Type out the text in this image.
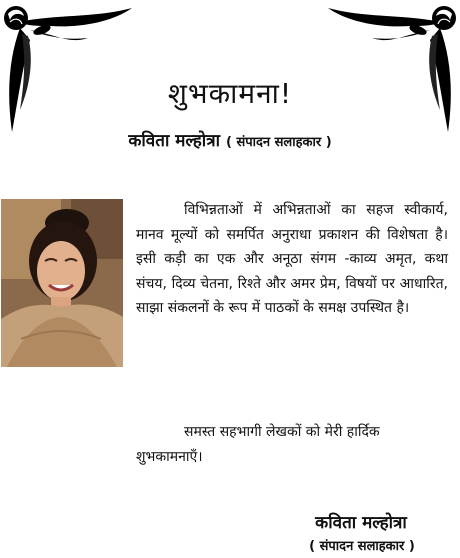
शुभकामना!
कविता मल्होत्रा ( संपादन सलाहकार )

विभिन्नताओं में अभिन्नताओं का सहज स्वीकार्य, मानव मूल्यों को समर्पित अनुराधा प्रकाशन की विशेषता है। इसी कड़ी का एक और अनूठा संगम -काव्य अमृत, कथा संचय, दिव्य चेतना, रिश्ते और अमर प्रेम, विषयों पर आधारित, साझा संकलनों के रूप में पाठकों के समक्ष उपस्थित है।

समस्त सहभागी लेखकों को मेरी हार्दिक शुभकामनाएँ।

कविता मल्होत्रा
( संपादन सलाहकार )
